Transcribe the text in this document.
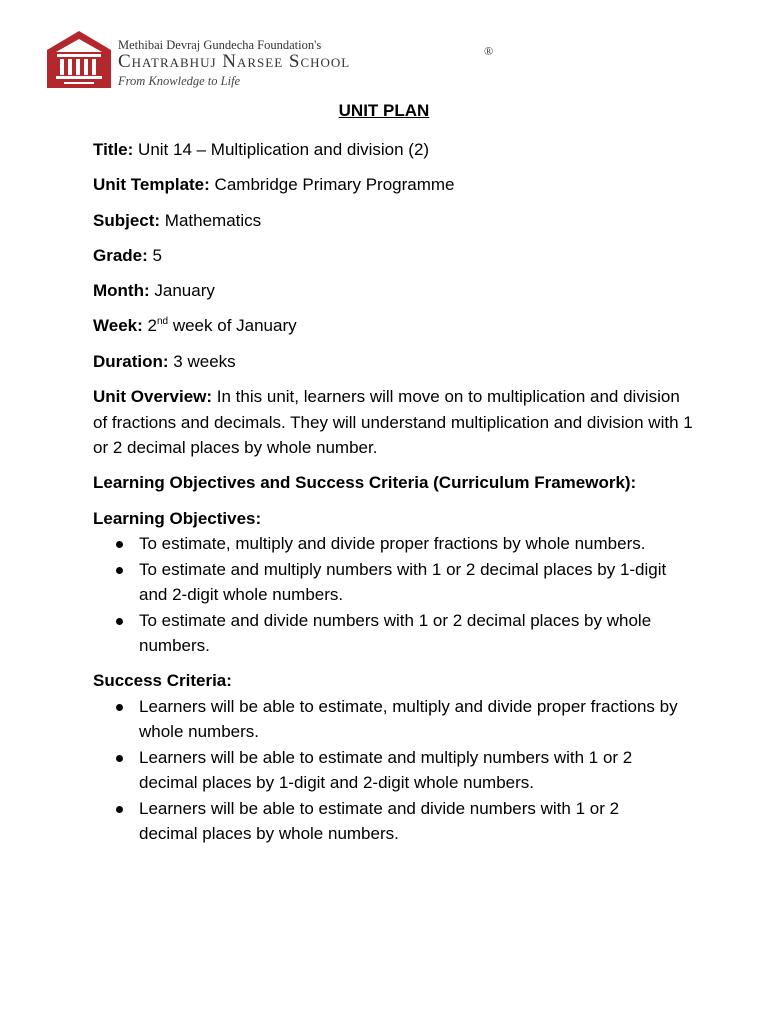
Methibai Devraj Gundecha Foundation's
Chatrabhuj Narsee School	®
From Knowledge to Life
UNIT PLAN
Title: Unit 14 – Multiplication and division (2)
Unit Template: Cambridge Primary Programme
Subject: Mathematics
Grade: 5
Month: January
Week: 2nd week of January
Duration: 3 weeks
Unit Overview: In this unit, learners will move on to multiplication and division of fractions and decimals. They will understand multiplication and division with 1 or 2 decimal places by whole number.
Learning Objectives and Success Criteria (Curriculum Framework):
Learning Objectives:
To estimate, multiply and divide proper fractions by whole numbers.
To estimate and multiply numbers with 1 or 2 decimal places by 1-digit and 2-digit whole numbers.
To estimate and divide numbers with 1 or 2 decimal places by whole numbers.
Success Criteria:
Learners will be able to estimate, multiply and divide proper fractions by whole numbers.
Learners will be able to estimate and multiply numbers with 1 or 2 decimal places by 1-digit and 2-digit whole numbers.
Learners will be able to estimate and divide numbers with 1 or 2 decimal places by whole numbers.
